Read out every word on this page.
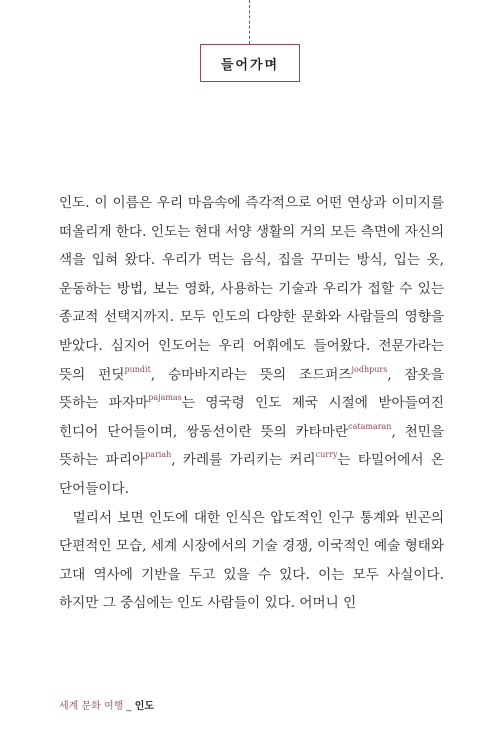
들어가며

인도. 이 이름은 우리 마음속에 즉각적으로 어떤 연상과 이미지를 떠올리게 한다. 인도는 현대 서양 생활의 거의 모든 측면에 자신의 색을 입혀 왔다. 우리가 먹는 음식, 집을 꾸미는 방식, 입는 옷, 운동하는 방법, 보는 영화, 사용하는 기술과 우리가 접할 수 있는 종교적 선택지까지. 모두 인도의 다양한 문화와 사람들의 영향을 받았다. 심지어 인도어는 우리 어휘에도 들어왔다. 전문가라는 뜻의 펀딧$^{pundit}$, 승마바지라는 뜻의 조드퍼즈$^{jodhpurs}$, 잠옷을 뜻하는 파자마$^{pajamas}$는 영국령 인도 제국 시절에 받아들여진 힌디어 단어들이며, 쌍동선이란 뜻의 카타마란$^{catamaran}$, 천민을 뜻하는 파리아$^{pariah}$, 카레를 가리키는 커리$^{curry}$는 타밀어에서 온 단어들이다.

멀리서 보면 인도에 대한 인식은 압도적인 인구 통계와 빈곤의 단편적인 모습, 세계 시장에서의 기술 경쟁, 이국적인 예술 형태와 고대 역사에 기반을 두고 있을 수 있다. 이는 모두 사실이다. 하지만 그 중심에는 인도 사람들이 있다. 어머니 인

세계 문화 여행 _ 인도
